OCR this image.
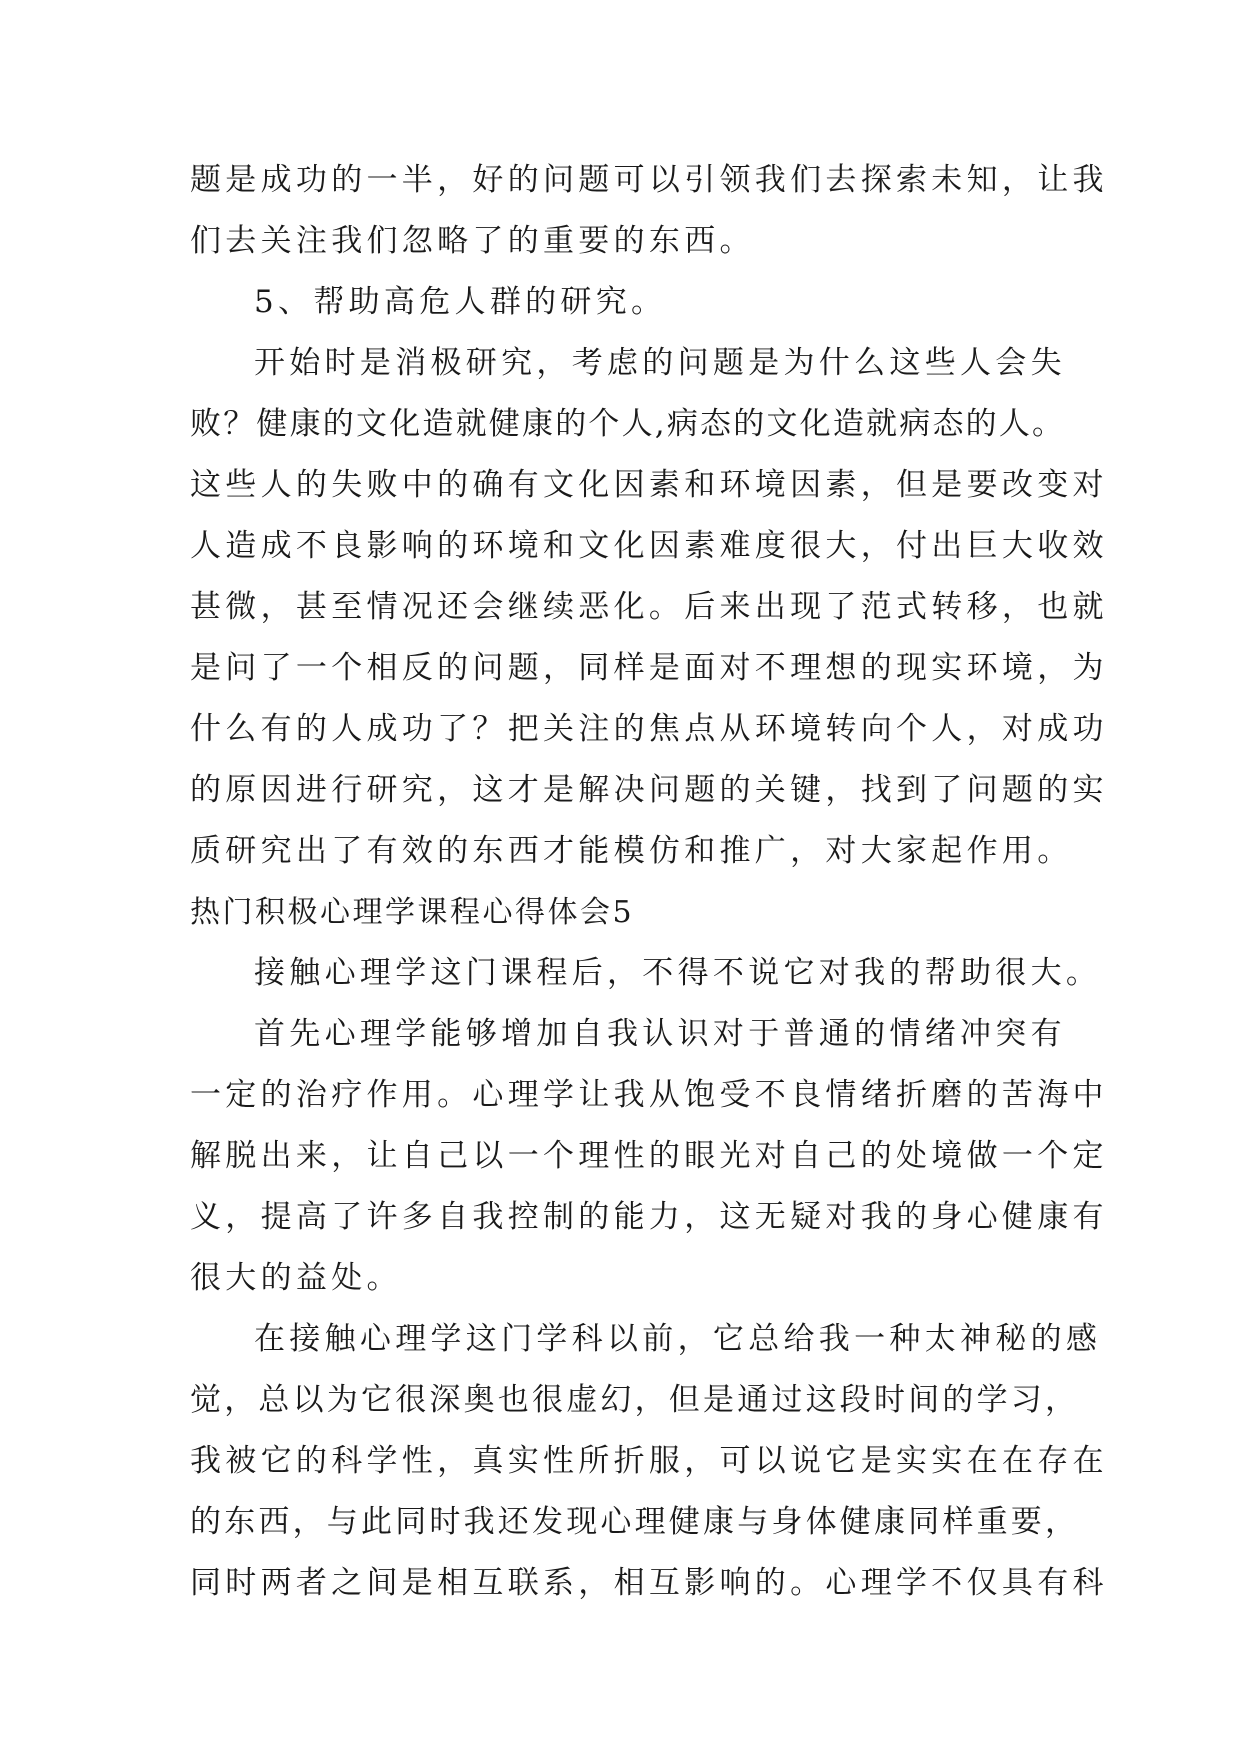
题是成功的一半，好的问题可以引领我们去探索未知，让我
们去关注我们忽略了的重要的东西。
5、帮助高危人群的研究。
开始时是消极研究，考虑的问题是为什么这些人会失
败？健康的文化造就健康的个人,病态的文化造就病态的人。
这些人的失败中的确有文化因素和环境因素，但是要改变对
人造成不良影响的环境和文化因素难度很大，付出巨大收效
甚微，甚至情况还会继续恶化。后来出现了范式转移，也就
是问了一个相反的问题，同样是面对不理想的现实环境，为
什么有的人成功了？把关注的焦点从环境转向个人，对成功
的原因进行研究，这才是解决问题的关键，找到了问题的实
质研究出了有效的东西才能模仿和推广，对大家起作用。
热门积极心理学课程心得体会5
接触心理学这门课程后，不得不说它对我的帮助很大。
首先心理学能够增加自我认识对于普通的情绪冲突有
一定的治疗作用。心理学让我从饱受不良情绪折磨的苦海中
解脱出来，让自己以一个理性的眼光对自己的处境做一个定
义，提高了许多自我控制的能力，这无疑对我的身心健康有
很大的益处。
在接触心理学这门学科以前，它总给我一种太神秘的感
觉，总以为它很深奥也很虚幻，但是通过这段时间的学习，
我被它的科学性，真实性所折服，可以说它是实实在在存在
的东西，与此同时我还发现心理健康与身体健康同样重要，
同时两者之间是相互联系，相互影响的。心理学不仅具有科
